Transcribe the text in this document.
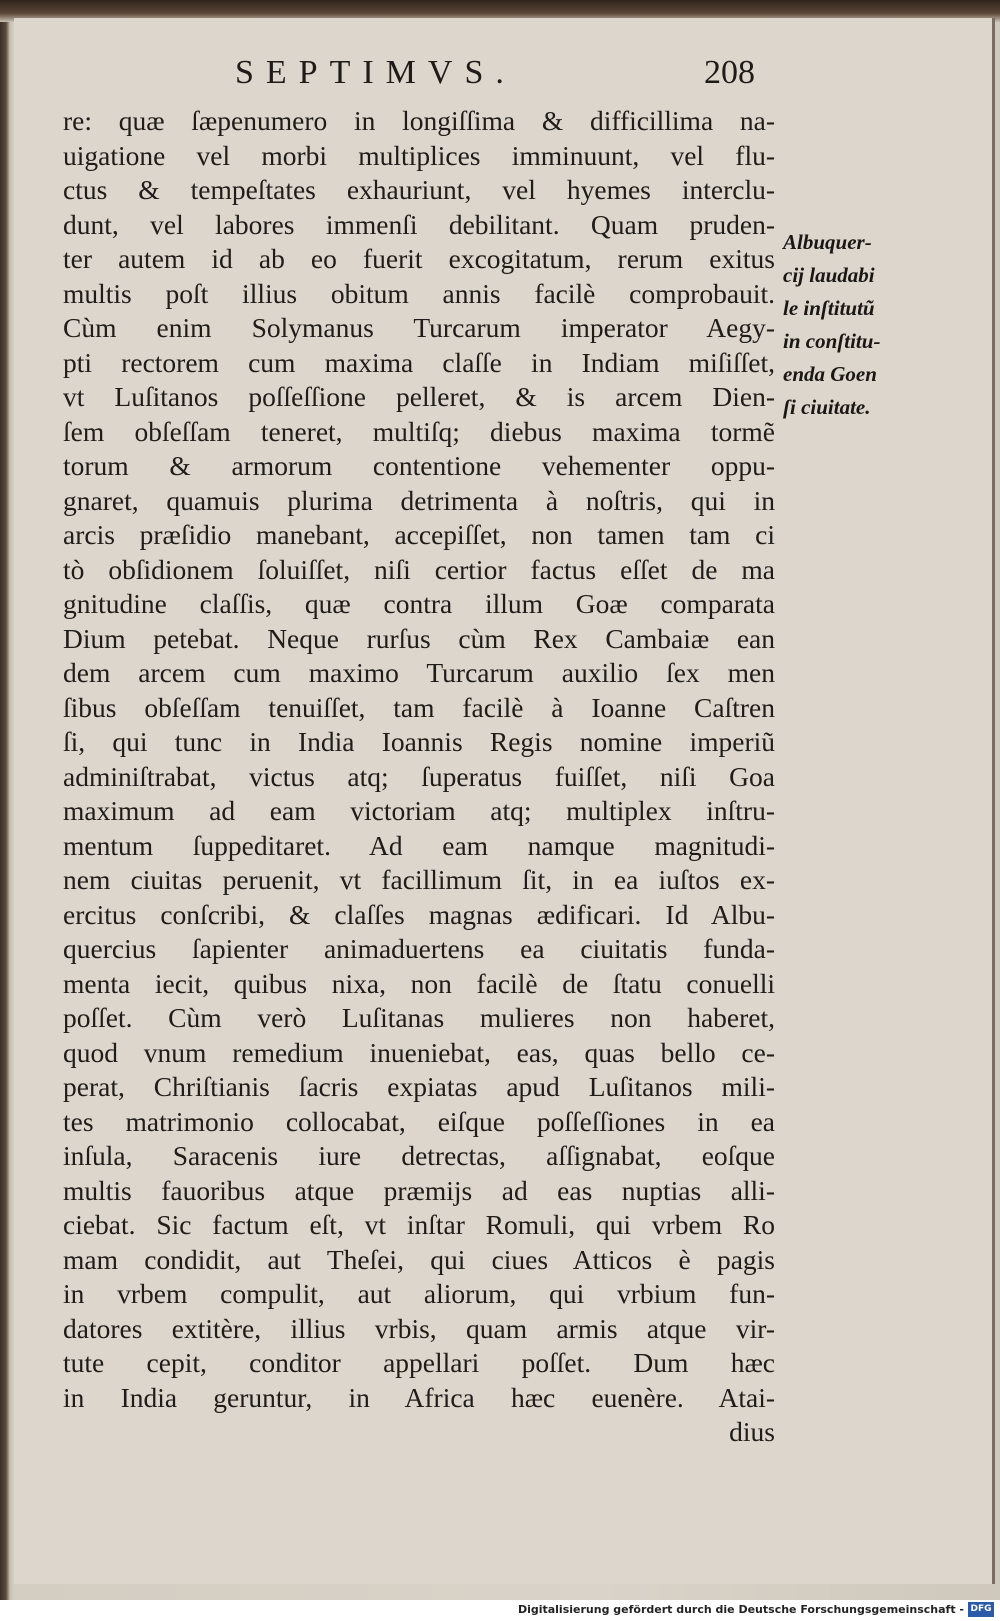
SEPTIMVS.	208
re: quæ ſæpenumero in longiſſima & difficillima na-
uigatione vel morbi multiplices imminuunt, vel flu-
ctus & tempeſtates exhauriunt, vel hyemes interclu-
dunt, vel labores immenſi debilitant. Quam pruden-
ter autem id ab eo fuerit excogitatum, rerum exitus
multis poſt illius obitum annis facilè comprobauit.
Cùm enim Solymanus Turcarum imperator Aegy-
pti rectorem cum maxima claſſe in Indiam miſiſſet,
vt Luſitanos poſſeſſione pelleret, & is arcem Dien-
ſem obſeſſam teneret, multiſq; diebus maxima tormẽ
torum & armorum contentione vehementer oppu-
gnaret, quamuis plurima detrimenta à noſtris, qui in
arcis præſidio manebant, accepiſſet, non tamen tam ci
tò obſidionem ſoluiſſet, niſi certior factus eſſet de ma
gnitudine claſſis, quæ contra illum Goæ comparata
Dium petebat. Neque rurſus cùm Rex Cambaiæ ean
dem arcem cum maximo Turcarum auxilio ſex men
ſibus obſeſſam tenuiſſet, tam facilè à Ioanne Caſtren
ſi, qui tunc in India Ioannis Regis nomine imperiũ
adminiſtrabat, victus atq; ſuperatus fuiſſet, niſi Goa
maximum ad eam victoriam atq; multiplex inſtru-
mentum ſuppeditaret. Ad eam namque magnitudi-
nem ciuitas peruenit, vt facillimum ſit, in ea iuſtos ex-
ercitus conſcribi, & claſſes magnas ædificari. Id Albu-
quercius ſapienter animaduertens ea ciuitatis funda-
menta iecit, quibus nixa, non facilè de ſtatu conuelli
poſſet. Cùm verò Luſitanas mulieres non haberet,
quod vnum remedium inueniebat, eas, quas bello ce-
perat, Chriſtianis ſacris expiatas apud Luſitanos mili-
tes matrimonio collocabat, eiſque poſſeſſiones in ea
inſula, Saracenis iure detrectas, aſſignabat, eoſque
multis fauoribus atque præmijs ad eas nuptias alli-
ciebat. Sic factum eſt, vt inſtar Romuli, qui vrbem Ro
mam condidit, aut Theſei, qui ciues Atticos è pagis
in vrbem compulit, aut aliorum, qui vrbium fun-
datores extitère, illius vrbis, quam armis atque vir-
tute cepit, conditor appellari poſſet. Dum hæc
in India geruntur, in Africa hæc euenère. Atai-
dius
Albuquer-
cij laudabi
le inſtitutũ
in conſtitu-
enda Goen
ſi ciuitate.
Digitalisierung gefördert durch die Deutsche Forschungsgemeinschaft - DFG
